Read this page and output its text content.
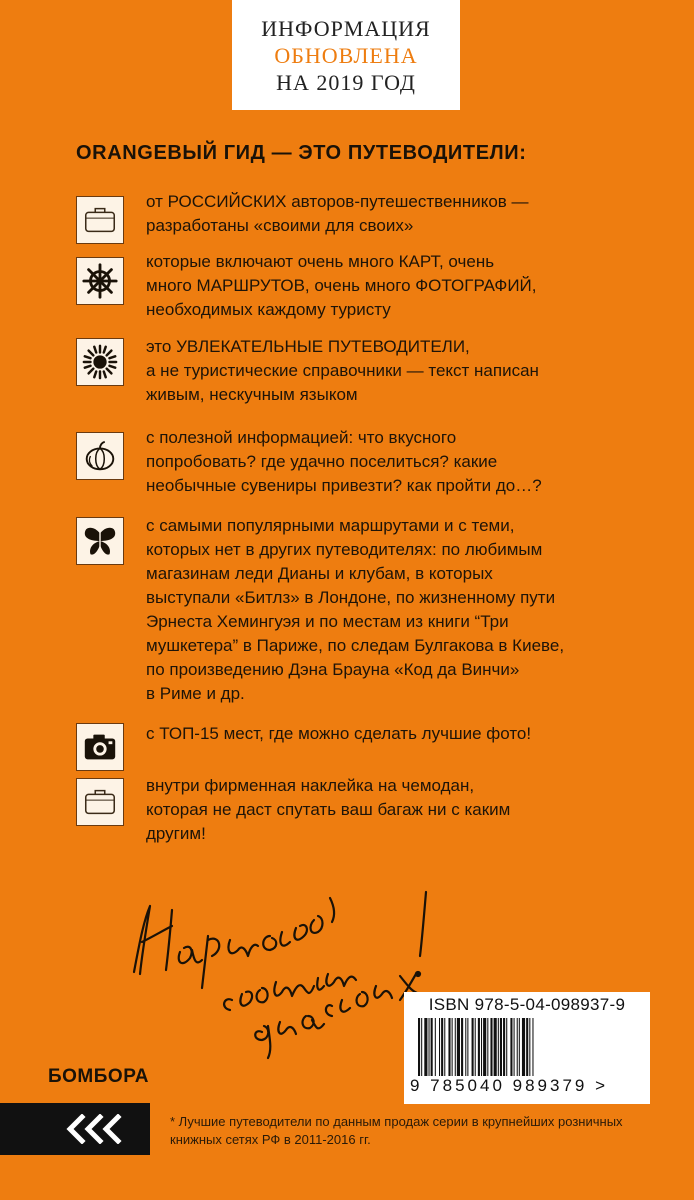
ИНФОРМАЦИЯ
ОБНОВЛЕНА
НА 2019 ГОД
ORANGEВЫЙ ГИД — ЭТО ПУТЕВОДИТЕЛИ:
от РОССИЙСКИХ авторов-путешественников —
разработаны «своими для своих»
которые включают очень много КАРТ, очень
много МАРШРУТОВ, очень много ФОТОГРАФИЙ,
необходимых каждому туристу
это УВЛЕКАТЕЛЬНЫЕ ПУТЕВОДИТЕЛИ,
а не туристические справочники — текст написан
живым, нескучным языком
с полезной информацией: что вкусного
попробовать? где удачно поселиться? какие
необычные сувениры привезти? как пройти до…?
с самыми популярными маршрутами и с теми,
которых нет в других путеводителях: по любимым
магазинам леди Дианы и клубам, в которых
выступали «Битлз» в Лондоне, по жизненному пути
Эрнеста Хемингуэя и по местам из книги “Три
мушкетера” в Париже, по следам Булгакова в Киеве,
по произведению Дэна Брауна «Код да Винчи»
в Риме и др.
с ТОП-15 мест, где можно сделать лучшие фото!
внутри фирменная наклейка на чемодан,
которая не даст спутать ваш багаж ни с каким
другим!
ISBN 978-5-04-098937-9
9 785040 989379 >
БОМБОРА
* Лучшие путеводители по данным продаж серии в крупнейших розничных
книжных сетях РФ в 2011-2016 гг.
